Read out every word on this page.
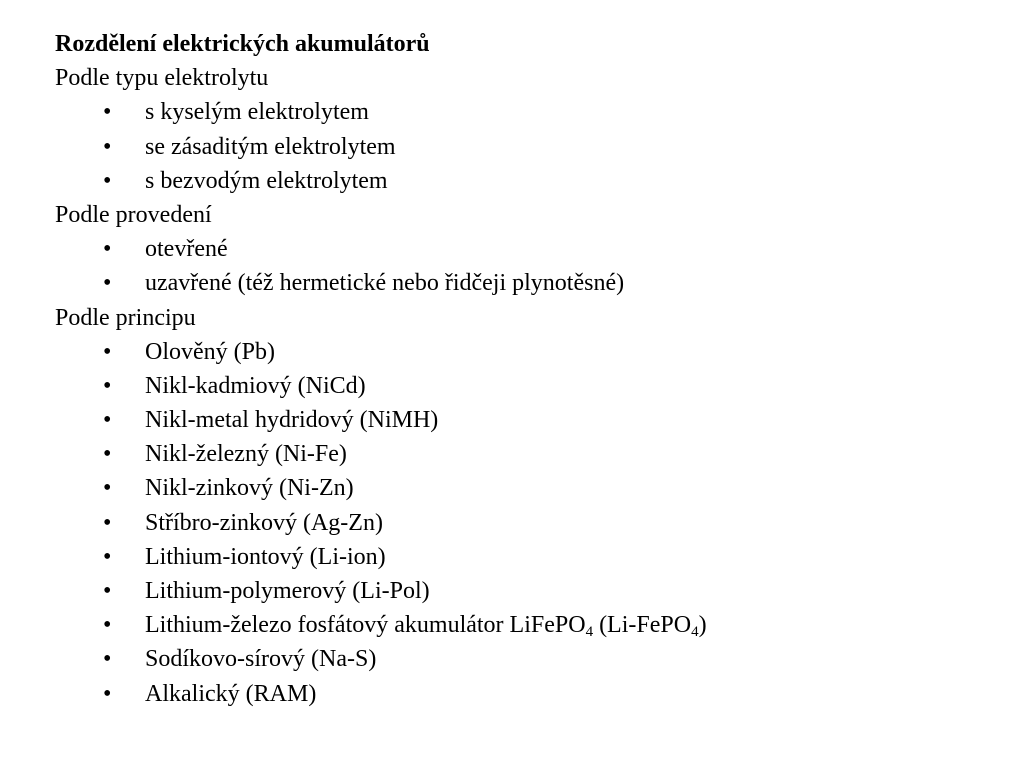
Rozdělení elektrických akumulátorů
Podle typu elektrolytu
• s kyselým elektrolytem
• se zásaditým elektrolytem
• s bezvodým elektrolytem
Podle provedení
• otevřené
• uzavřené (též hermetické nebo řidčeji plynotěsné)
Podle principu
• Olověný (Pb)
• Nikl-kadmiový (NiCd)
• Nikl-metal hydridový (NiMH)
• Nikl-železný (Ni-Fe)
• Nikl-zinkový (Ni-Zn)
• Stříbro-zinkový (Ag-Zn)
• Lithium-iontový (Li-ion)
• Lithium-polymerový (Li-Pol)
• Lithium-železo fosfátový akumulátor LiFePO$_4$ (Li-FePO$_4$)
• Sodíkovo-sírový (Na-S)
• Alkalický (RAM)
